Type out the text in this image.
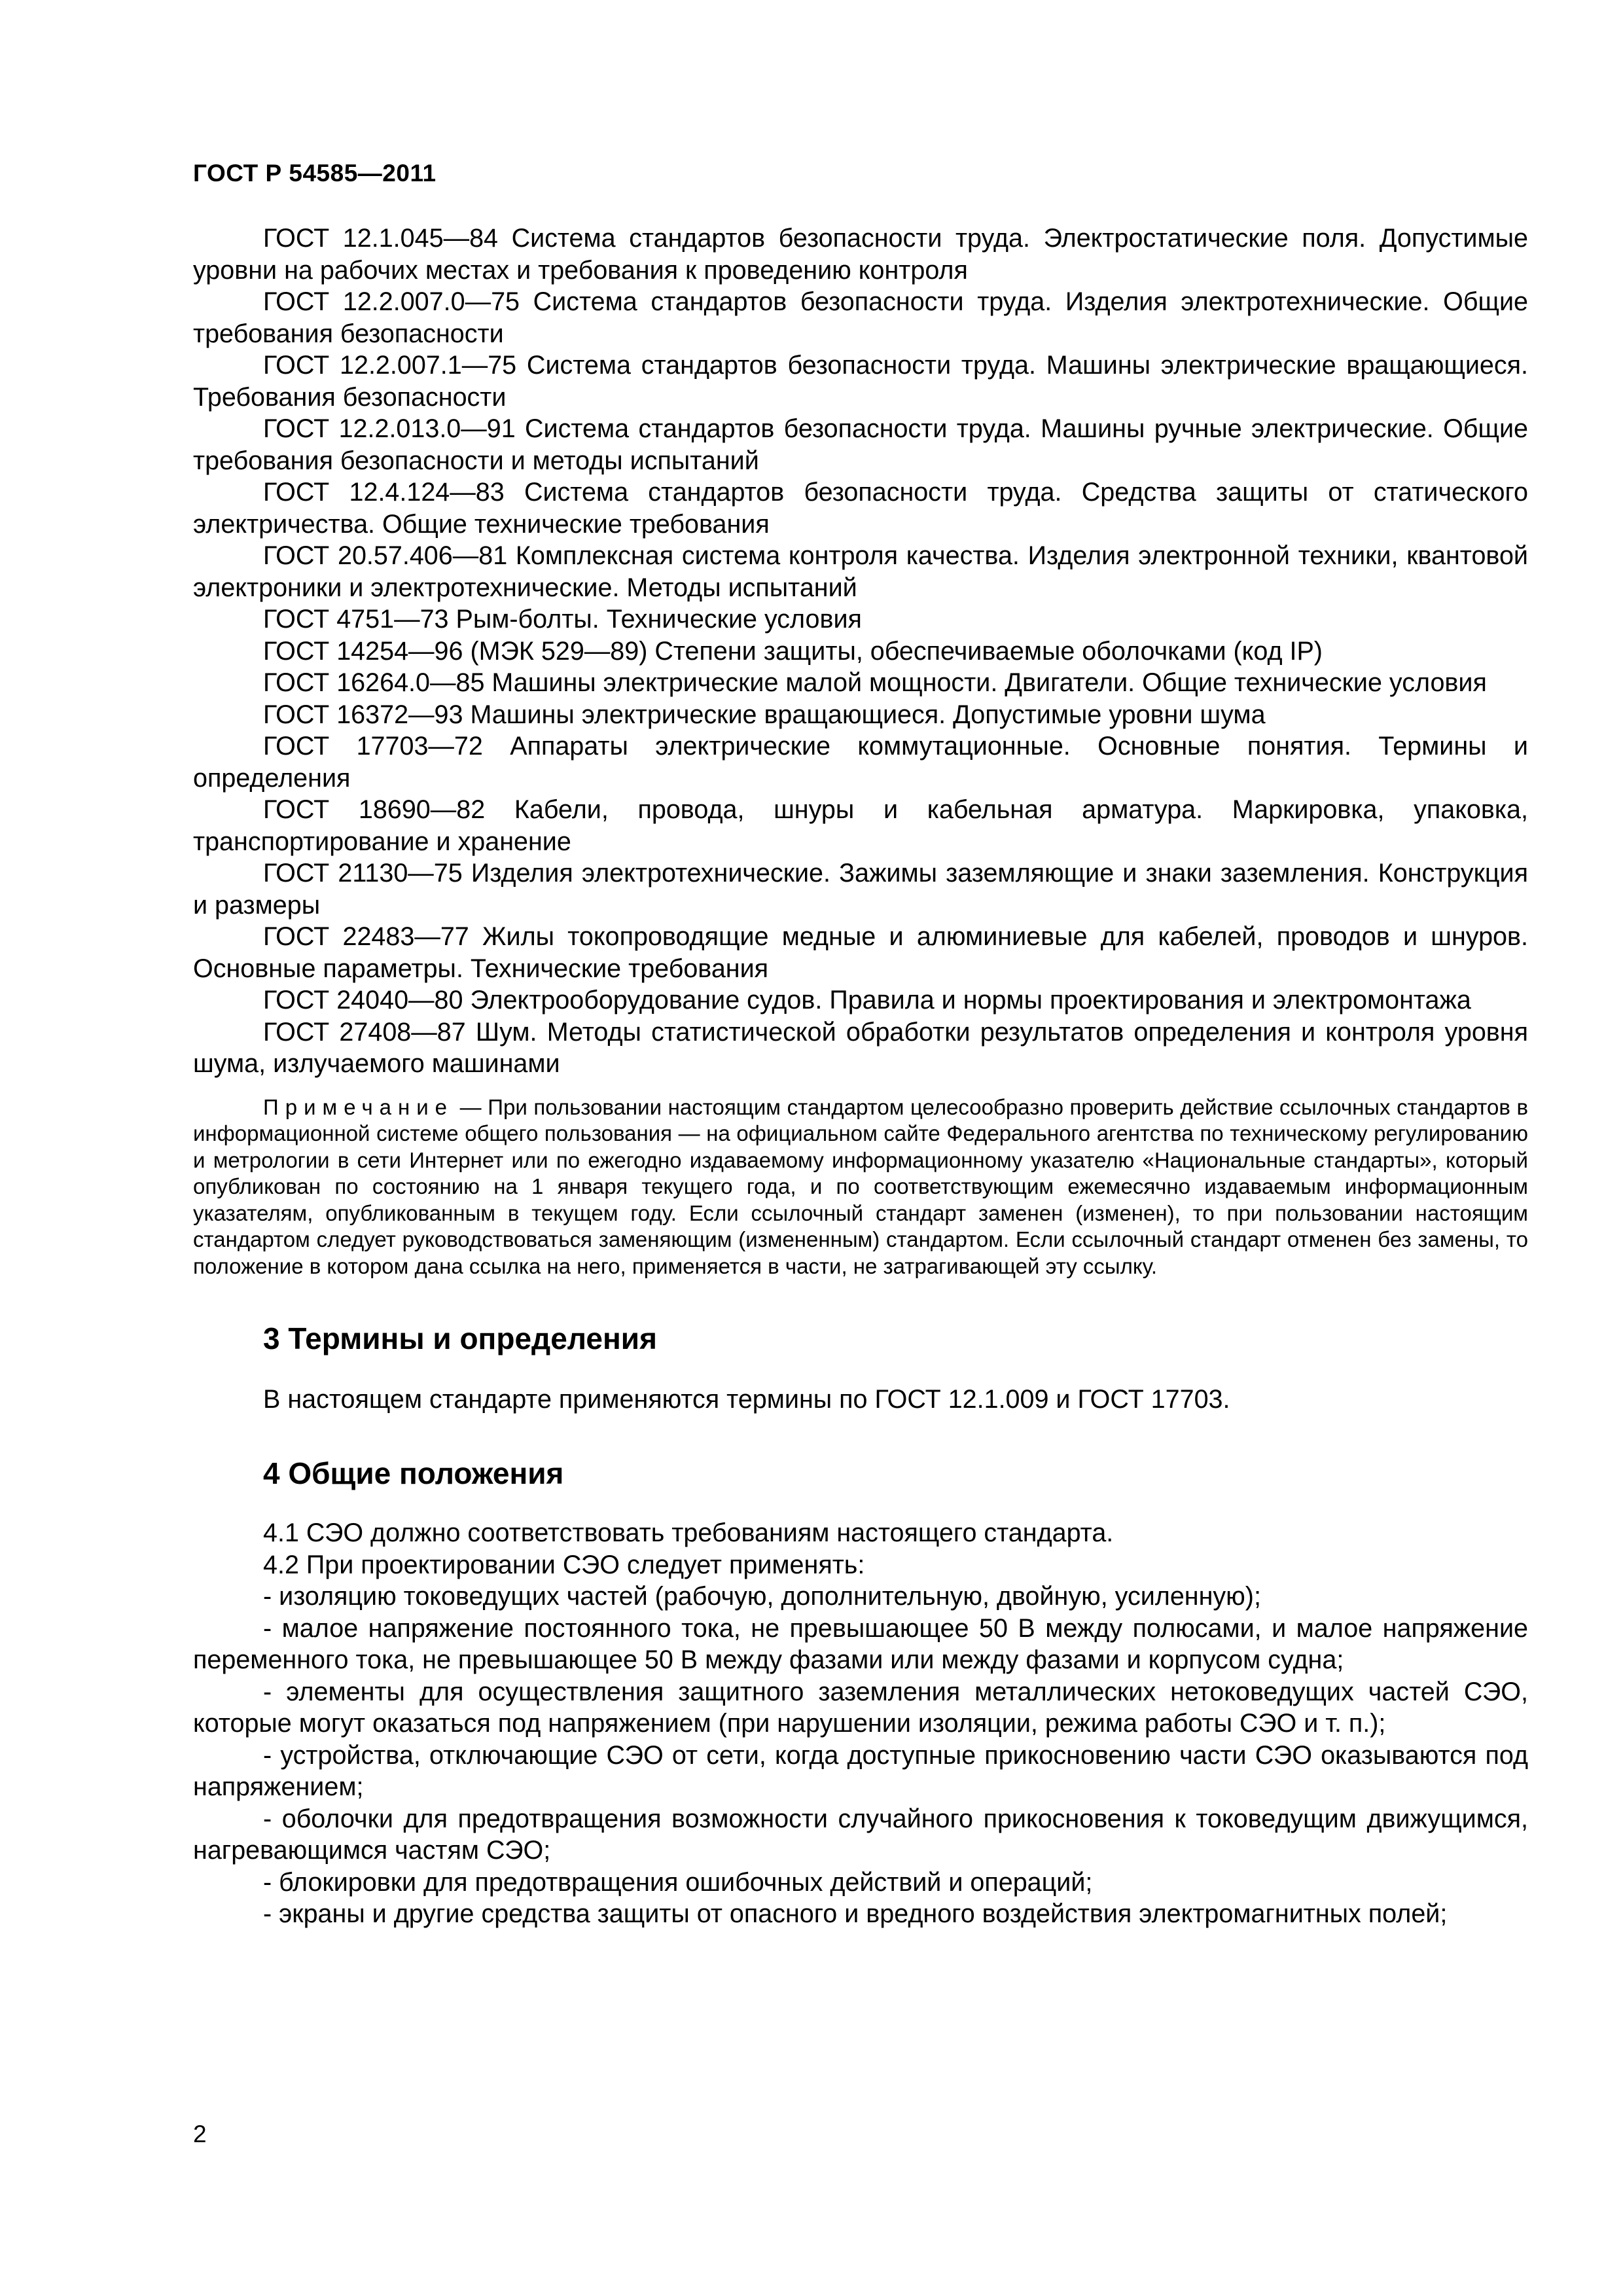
ГОСТ Р 54585—2011

ГОСТ 12.1.045—84 Система стандартов безопасности труда. Электростатические поля. Допустимые уровни на рабочих местах и требования к проведению контроля

ГОСТ 12.2.007.0—75 Система стандартов безопасности труда. Изделия электротехнические. Общие требования безопасности

ГОСТ 12.2.007.1—75 Система стандартов безопасности труда. Машины электрические вращающиеся. Требования безопасности

ГОСТ 12.2.013.0—91 Система стандартов безопасности труда. Машины ручные электрические. Общие требования безопасности и методы испытаний

ГОСТ 12.4.124—83 Система стандартов безопасности труда. Средства защиты от статического электричества. Общие технические требования

ГОСТ 20.57.406—81 Комплексная система контроля качества. Изделия электронной техники, квантовой электроники и электротехнические. Методы испытаний

ГОСТ 4751—73 Рым-болты. Технические условия

ГОСТ 14254—96 (МЭК 529—89) Степени защиты, обеспечиваемые оболочками (код IP)

ГОСТ 16264.0—85 Машины электрические малой мощности. Двигатели. Общие технические условия

ГОСТ 16372—93 Машины электрические вращающиеся. Допустимые уровни шума

ГОСТ 17703—72 Аппараты электрические коммутационные. Основные понятия. Термины и определения

ГОСТ 18690—82 Кабели, провода, шнуры и кабельная арматура. Маркировка, упаковка, транспортирование и хранение

ГОСТ 21130—75 Изделия электротехнические. Зажимы заземляющие и знаки заземления. Конструкция и размеры

ГОСТ 22483—77 Жилы токопроводящие медные и алюминиевые для кабелей, проводов и шнуров. Основные параметры. Технические требования

ГОСТ 24040—80 Электрооборудование судов. Правила и нормы проектирования и электромонтажа

ГОСТ 27408—87 Шум. Методы статистической обработки результатов определения и контроля уровня шума, излучаемого машинами

Примечание — При пользовании настоящим стандартом целесообразно проверить действие ссылочных стандартов в информационной системе общего пользования — на официальном сайте Федерального агентства по техническому регулированию и метрологии в сети Интернет или по ежегодно издаваемому информационному указателю «Национальные стандарты», который опубликован по состоянию на 1 января текущего года, и по соответствующим ежемесячно издаваемым информационным указателям, опубликованным в текущем году. Если ссылочный стандарт заменен (изменен), то при пользовании настоящим стандартом следует руководствоваться заменяющим (измененным) стандартом. Если ссылочный стандарт отменен без замены, то положение в котором дана ссылка на него, применяется в части, не затрагивающей эту ссылку.

3 Термины и определения

В настоящем стандарте применяются термины по ГОСТ 12.1.009 и ГОСТ 17703.

4 Общие положения

4.1 СЭО должно соответствовать требованиям настоящего стандарта.

4.2 При проектировании СЭО следует применять:

- изоляцию токоведущих частей (рабочую, дополнительную, двойную, усиленную);

- малое напряжение постоянного тока, не превышающее 50 В между полюсами, и малое напряжение переменного тока, не превышающее 50 В между фазами или между фазами и корпусом судна;

- элементы для осуществления защитного заземления металлических нетоковедущих частей СЭО, которые могут оказаться под напряжением (при нарушении изоляции, режима работы СЭО и т. п.);

- устройства, отключающие СЭО от сети, когда доступные прикосновению части СЭО оказываются под напряжением;

- оболочки для предотвращения возможности случайного прикосновения к токоведущим движущимся, нагревающимся частям СЭО;

- блокировки для предотвращения ошибочных действий и операций;

- экраны и другие средства защиты от опасного и вредного воздействия электромагнитных полей;

2
